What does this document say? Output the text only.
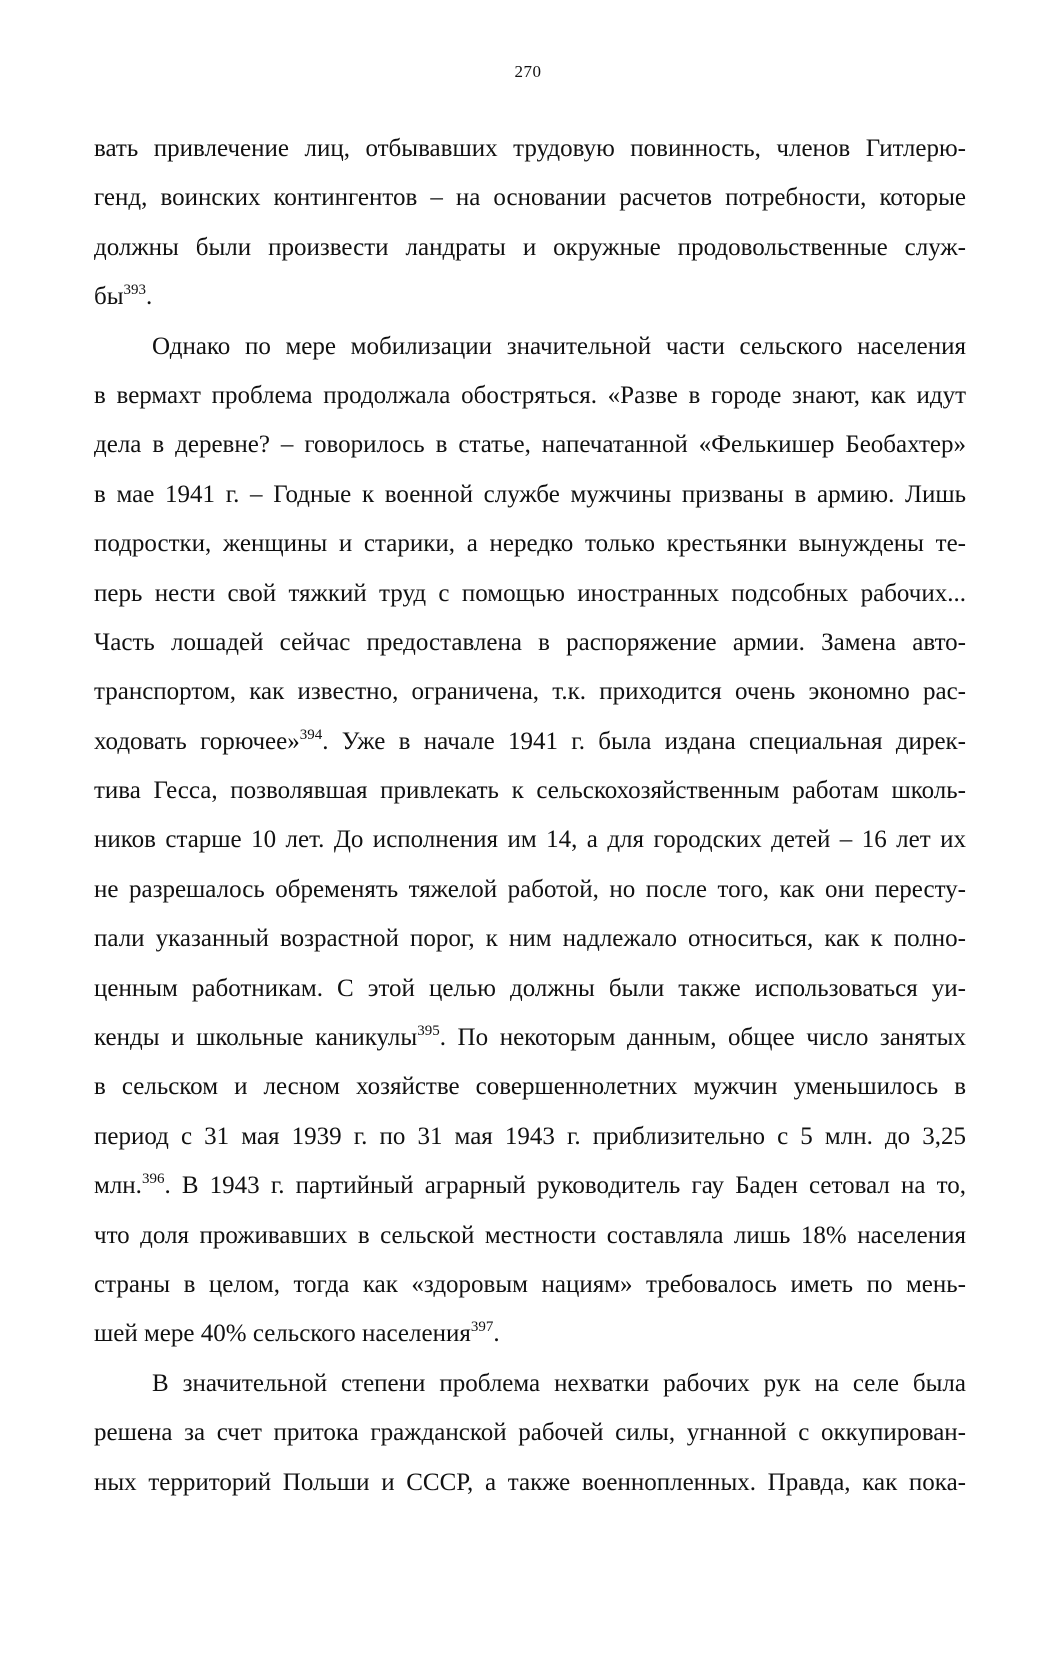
270
вать привлечение лиц, отбывавших трудовую повинность, членов Гитлерю-
генд, воинских контингентов – на основании расчетов потребности, которые
должны были произвести ландраты и окружные продовольственные служ-
$бы^{393}$.
Однако по мере мобилизации значительной части сельского населения
в вермахт проблема продолжала обостряться. «Разве в городе знают, как идут
дела в деревне? – говорилось в статье, напечатанной «Фелькишер Беобахтер»
в мае 1941 г. – Годные к военной службе мужчины призваны в армию. Лишь
подростки, женщины и старики, а нередко только крестьянки вынуждены те-
перь нести свой тяжкий труд с помощью иностранных подсобных рабочих...
Часть лошадей сейчас предоставлена в распоряжение армии. Замена авто-
транспортом, как известно, ограничена, т.к. приходится очень экономно рас-
ходовать горючее»$^{394}$. Уже в начале 1941 г. была издана специальная дирек-
тива Гесса, позволявшая привлекать к сельскохозяйственным работам школь-
ников старше 10 лет. До исполнения им 14, а для городских детей – 16 лет их
не разрешалось обременять тяжелой работой, но после того, как они пересту-
пали указанный возрастной порог, к ним надлежало относиться, как к полно-
ценным работникам. С этой целью должны были также использоваться уи-
кенды и школьные каникулы$^{395}$. По некоторым данным, общее число занятых
в сельском и лесном хозяйстве совершеннолетних мужчин уменьшилось в
период с 31 мая 1939 г. по 31 мая 1943 г. приблизительно с 5 млн. до 3,25
млн.$^{396}$. В 1943 г. партийный аграрный руководитель гау Баден сетовал на то,
что доля проживавших в сельской местности составляла лишь 18% населения
страны в целом, тогда как «здоровым нациям» требовалось иметь по мень-
шей мере 40% сельского населения$^{397}$.
В значительной степени проблема нехватки рабочих рук на селе была
решена за счет притока гражданской рабочей силы, угнанной с оккупирован-
ных территорий Польши и СССР, а также военнопленных. Правда, как пока-
